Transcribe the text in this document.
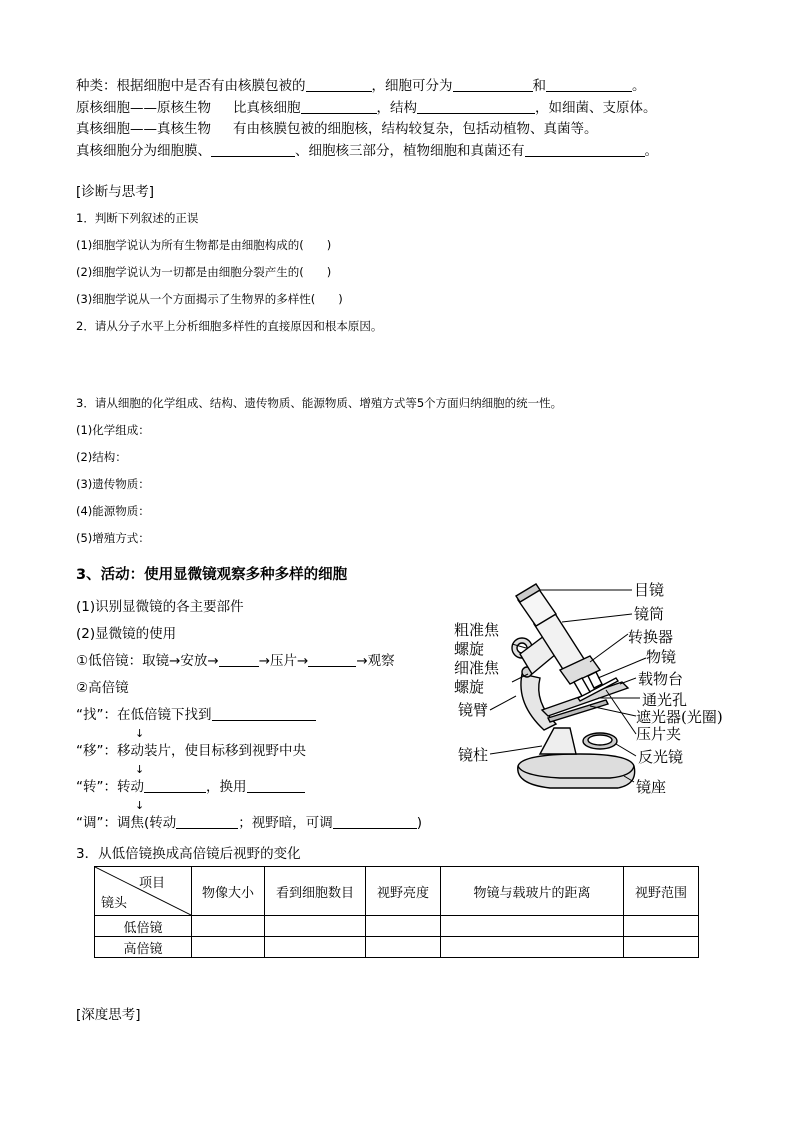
种类：根据细胞中是否有由核膜包被的	，细胞可分为	和	。
原核细胞——原核生物 比真核细胞	，结构	，如细菌、支原体。
真核细胞——真核生物 有由核膜包被的细胞核，结构较复杂，包括动植物、真菌等。
真核细胞分为细胞膜、	、细胞核三部分，植物细胞和真菌还有	。
[诊断与思考]
1．判断下列叙述的正误
(1)细胞学说认为所有生物都是由细胞构成的(　　)
(2)细胞学说认为一切都是由细胞分裂产生的(　　)
(3)细胞学说从一个方面揭示了生物界的多样性(　　)
2．请从分子水平上分析细胞多样性的直接原因和根本原因。
3．请从细胞的化学组成、结构、遗传物质、能源物质、增殖方式等5个方面归纳细胞的统一性。
(1)化学组成：
(2)结构：
(3)遗传物质：
(4)能源物质：
(5)增殖方式：
3、活动：使用显微镜观察多种多样的细胞
(1)识别显微镜的各主要部件
(2)显微镜的使用
①低倍镜：取镜→安放→	→压片→	→观察
②高倍镜
“找”：在低倍镜下找到
↓
“移”：移动装片，使目标移到视野中央
↓
“转”：转动	，换用
↓
“调”：调焦(转动	；视野暗，可调	)
3．从低倍镜换成高倍镜后视野的变化
目镜
镜筒
转换器
物镜
载物台
通光孔
遮光器(光圈)
压片夹
反光镜
镜座
粗准焦
螺旋
细准焦
螺旋
镜臂
镜柱
项目
镜头	物像大小	看到细胞数目	视野亮度	物镜与载玻片的距离	视野范围
低倍镜					
高倍镜					
[深度思考]
